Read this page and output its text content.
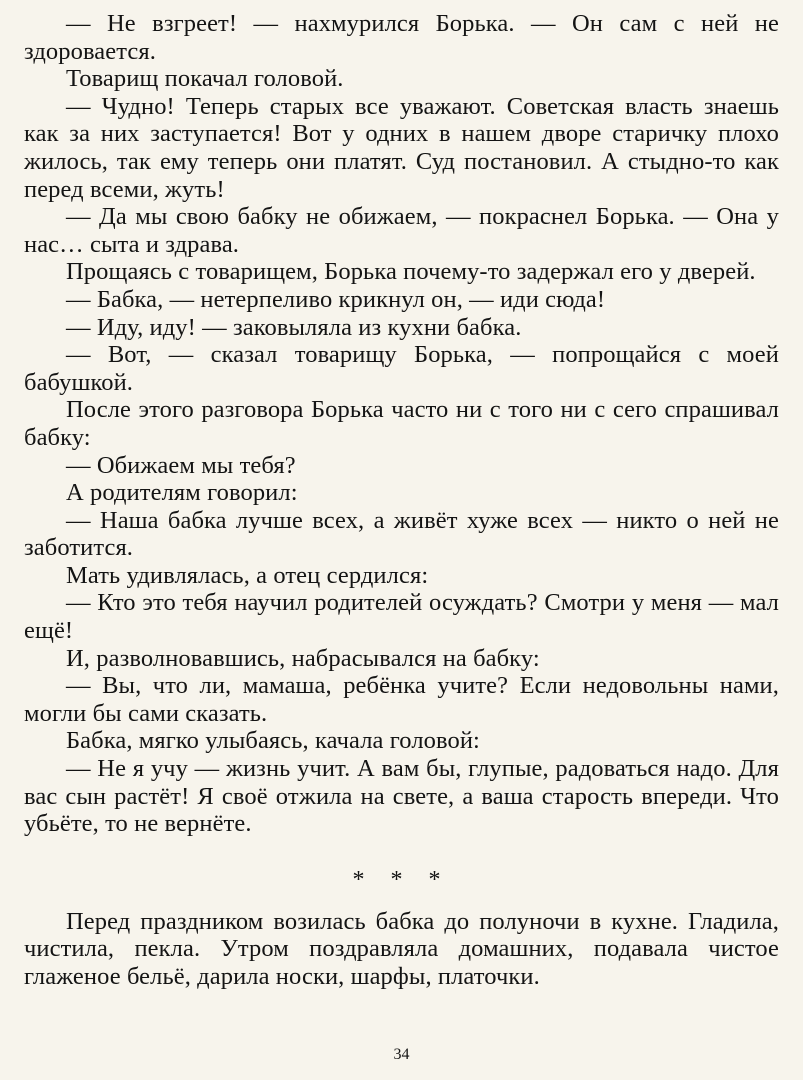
— Не взгреет! — нахмурился Борька. — Он сам с ней не здоровается.

Товарищ покачал головой.

— Чудно! Теперь старых все уважают. Советская власть знаешь как за них заступается! Вот у одних в нашем дворе старичку плохо жилось, так ему теперь они платят. Суд постановил. А стыдно-то как перед всеми, жуть!

— Да мы свою бабку не обижаем, — покраснел Борька. — Она у нас… сыта и здрава.

Прощаясь с товарищем, Борька почему-то задержал его у дверей.

— Бабка, — нетерпеливо крикнул он, — иди сюда!

— Иду, иду! — заковыляла из кухни бабка.

— Вот, — сказал товарищу Борька, — попрощайся с моей бабушкой.

После этого разговора Борька часто ни с того ни с сего спрашивал бабку:

— Обижаем мы тебя?

А родителям говорил:

— Наша бабка лучше всех, а живёт хуже всех — никто о ней не заботится.

Мать удивлялась, а отец сердился:

— Кто это тебя научил родителей осуждать? Смотри у меня — мал ещё!

И, разволновавшись, набрасывался на бабку:

— Вы, что ли, мамаша, ребёнка учите? Если недовольны нами, могли бы сами сказать.

Бабка, мягко улыбаясь, качала головой:

— Не я учу — жизнь учит. А вам бы, глупые, радоваться надо. Для вас сын растёт! Я своё отжила на свете, а ваша старость впереди. Что убьёте, то не вернёте.

* * *

Перед праздником возилась бабка до полуночи в кухне. Гладила, чистила, пекла. Утром поздравляла домашних, подавала чистое глаженое бельё, дарила носки, шарфы, платочки.

34
